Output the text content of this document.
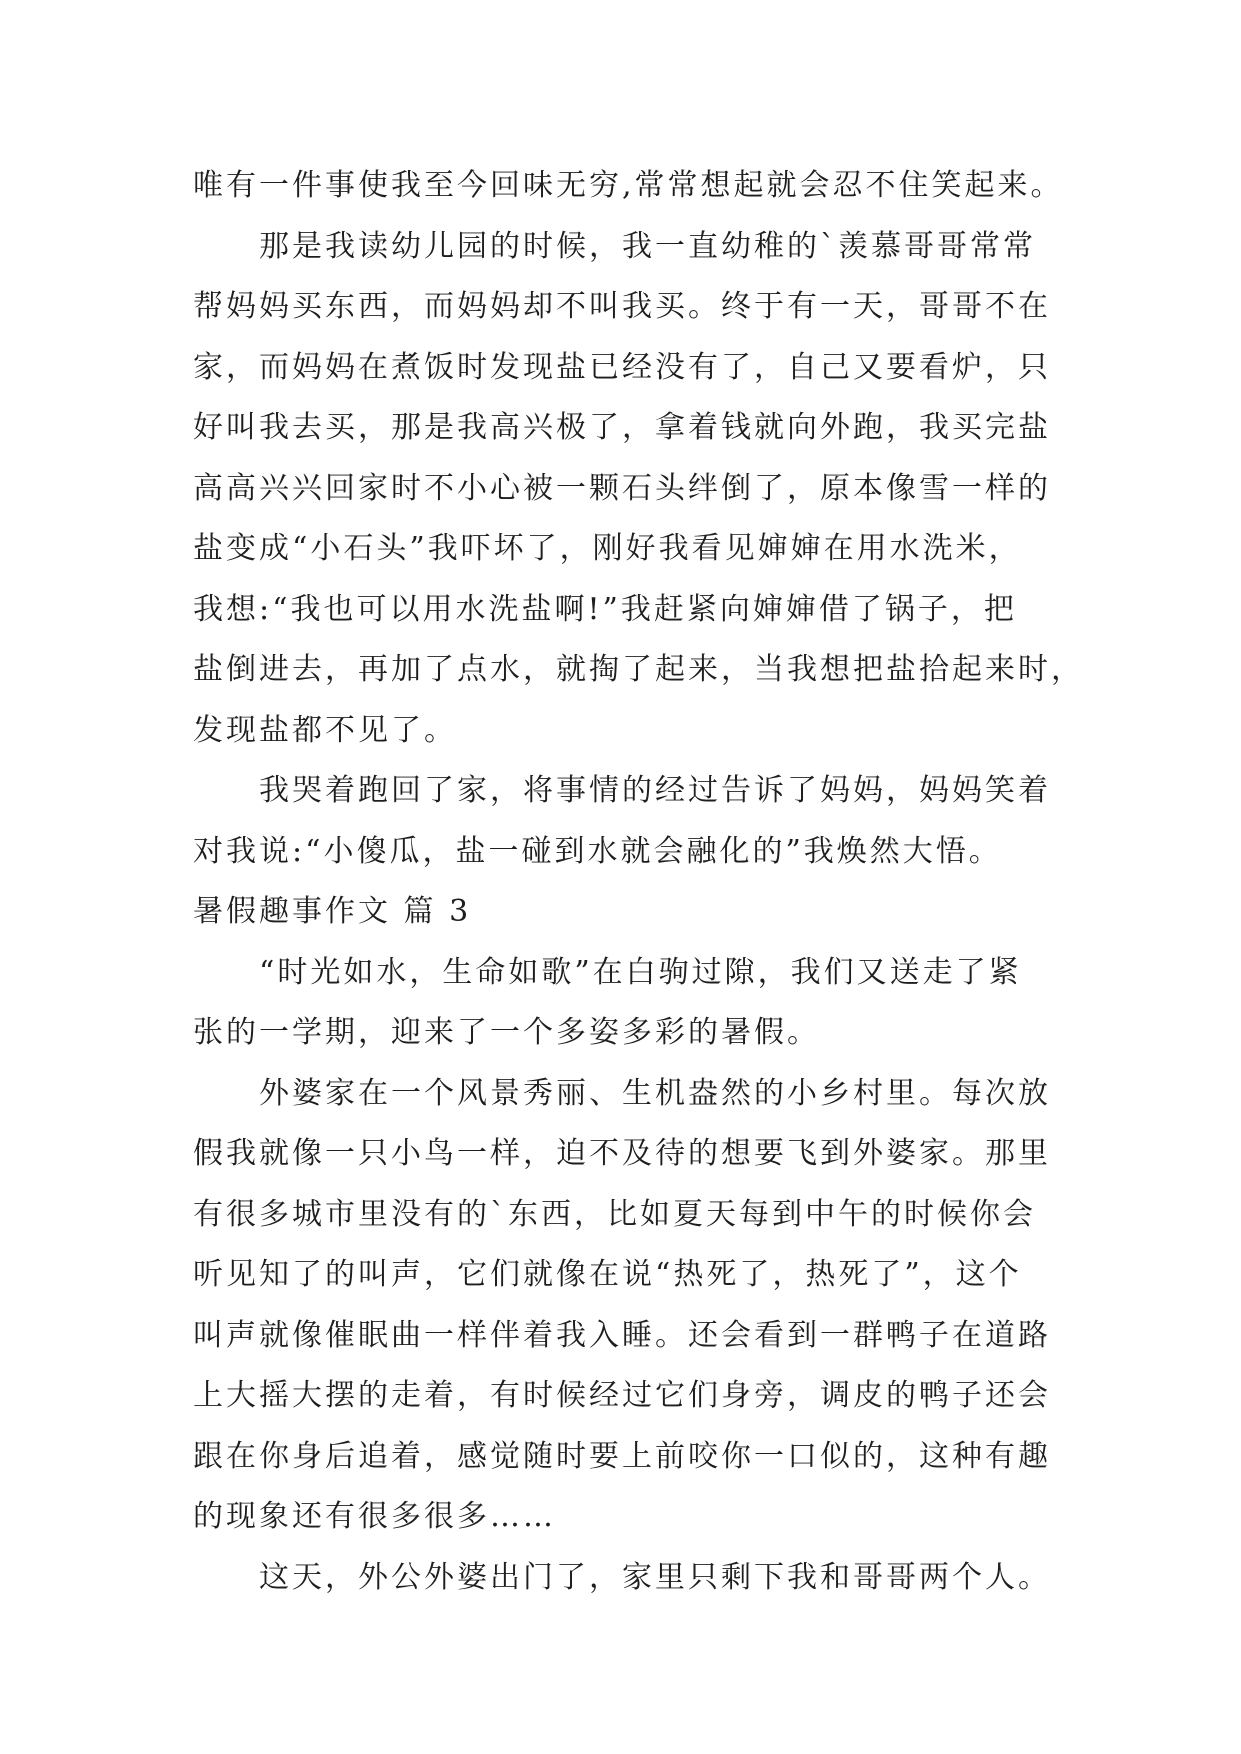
唯有一件事使我至今回味无穷,常常想起就会忍不住笑起来。
那是我读幼儿园的时候，我一直幼稚的`羡慕哥哥常常
帮妈妈买东西，而妈妈却不叫我买。终于有一天，哥哥不在
家，而妈妈在煮饭时发现盐已经没有了，自己又要看炉，只
好叫我去买，那是我高兴极了，拿着钱就向外跑，我买完盐
高高兴兴回家时不小心被一颗石头绊倒了，原本像雪一样的
盐变成“小石头”我吓坏了，刚好我看见婶婶在用水洗米，
我想:“我也可以用水洗盐啊!”我赶紧向婶婶借了锅子，把
盐倒进去，再加了点水，就掏了起来，当我想把盐拾起来时，
发现盐都不见了。
我哭着跑回了家，将事情的经过告诉了妈妈，妈妈笑着
对我说:“小傻瓜，盐一碰到水就会融化的”我焕然大悟。
暑假趣事作文 篇 3
“时光如水，生命如歌”在白驹过隙，我们又送走了紧
张的一学期，迎来了一个多姿多彩的暑假。
外婆家在一个风景秀丽、生机盎然的小乡村里。每次放
假我就像一只小鸟一样，迫不及待的想要飞到外婆家。那里
有很多城市里没有的`东西，比如夏天每到中午的时候你会
听见知了的叫声，它们就像在说“热死了，热死了”，这个
叫声就像催眠曲一样伴着我入睡。还会看到一群鸭子在道路
上大摇大摆的走着，有时候经过它们身旁，调皮的鸭子还会
跟在你身后追着，感觉随时要上前咬你一口似的，这种有趣
的现象还有很多很多……
这天，外公外婆出门了，家里只剩下我和哥哥两个人。
